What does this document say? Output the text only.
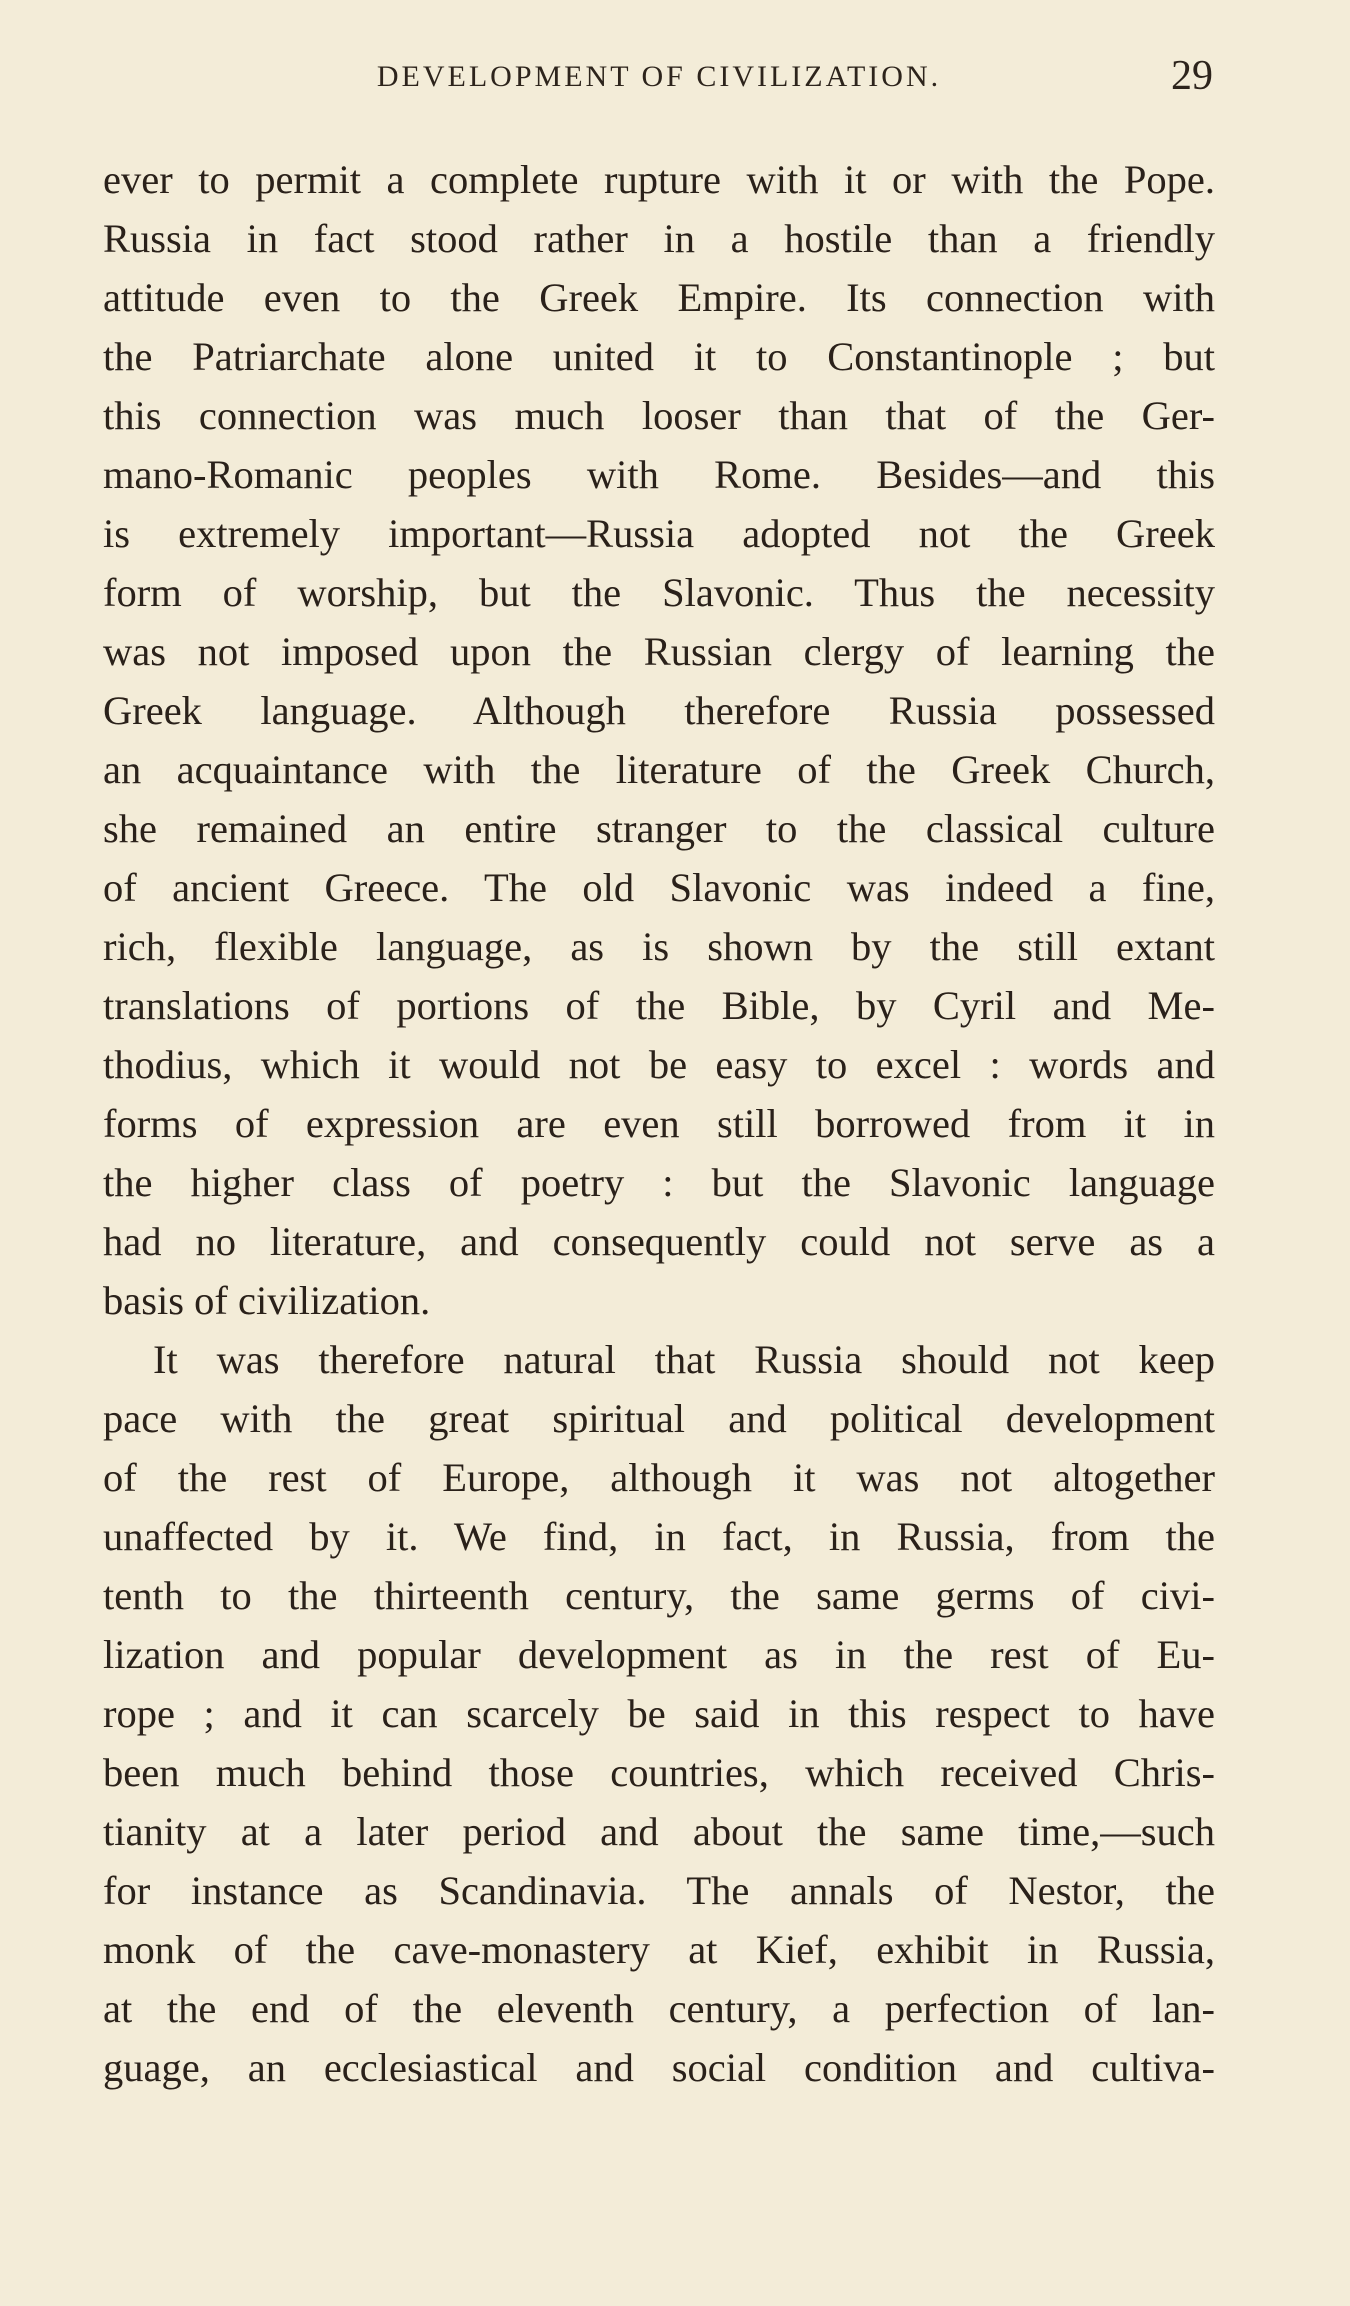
DEVELOPMENT OF CIVILIZATION.	29
ever to permit a complete rupture with it or with the Pope.
Russia in fact stood rather in a hostile than a friendly
attitude even to the Greek Empire. Its connection with
the Patriarchate alone united it to Constantinople ; but
this connection was much looser than that of the Ger-
mano-Romanic peoples with Rome. Besides—and this
is extremely important—Russia adopted not the Greek
form of worship, but the Slavonic. Thus the necessity
was not imposed upon the Russian clergy of learning the
Greek language. Although therefore Russia possessed
an acquaintance with the literature of the Greek Church,
she remained an entire stranger to the classical culture
of ancient Greece. The old Slavonic was indeed a fine,
rich, flexible language, as is shown by the still extant
translations of portions of the Bible, by Cyril and Me-
thodius, which it would not be easy to excel : words and
forms of expression are even still borrowed from it in
the higher class of poetry : but the Slavonic language
had no literature, and consequently could not serve as a
basis of civilization.
It was therefore natural that Russia should not keep
pace with the great spiritual and political development
of the rest of Europe, although it was not altogether
unaffected by it. We find, in fact, in Russia, from the
tenth to the thirteenth century, the same germs of civi-
lization and popular development as in the rest of Eu-
rope ; and it can scarcely be said in this respect to have
been much behind those countries, which received Chris-
tianity at a later period and about the same time,—such
for instance as Scandinavia. The annals of Nestor, the
monk of the cave-monastery at Kief, exhibit in Russia,
at the end of the eleventh century, a perfection of lan-
guage, an ecclesiastical and social condition and cultiva-
